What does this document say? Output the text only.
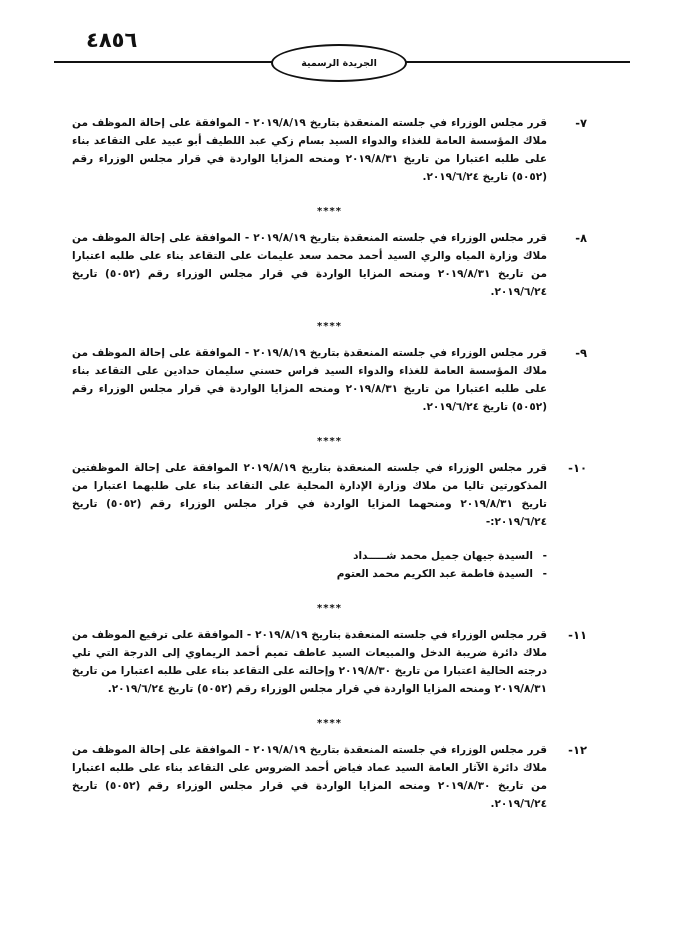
٤٨٥٦
الجريدة الرسمية

٧-
قرر مجلس الوزراء في جلسته المنعقدة بتاريخ ٢٠١٩/٨/١٩ - الموافقة على إحالة الموظف من ملاك المؤسسة العامة للغذاء والدواء السيد بسام زكي عبد اللطيف أبو عبيد على التقاعد بناء على طلبه اعتبارا من تاريخ ٢٠١٩/٨/٣١ ومنحه المزايا الواردة في قرار مجلس الوزراء رقم (٥٠٥٢) تاريخ ٢٠١٩/٦/٢٤.

****

٨-
قرر مجلس الوزراء في جلسته المنعقدة بتاريخ ٢٠١٩/٨/١٩ - الموافقة على إحالة الموظف من ملاك وزارة المياه والري السيد أحمد محمد سعد عليمات على التقاعد بناء على طلبه اعتبارا من تاريخ ٢٠١٩/٨/٣١ ومنحه المزايا الواردة في قرار مجلس الوزراء رقم (٥٠٥٢) تاريخ ٢٠١٩/٦/٢٤.

****

٩-
قرر مجلس الوزراء في جلسته المنعقدة بتاريخ ٢٠١٩/٨/١٩ - الموافقة على إحالة الموظف من ملاك المؤسسة العامة للغذاء والدواء السيد فراس حسني سليمان حدادين على التقاعد بناء على طلبه اعتبارا من تاريخ ٢٠١٩/٨/٣١ ومنحه المزايا الواردة في قرار مجلس الوزراء رقم (٥٠٥٢) تاريخ ٢٠١٩/٦/٢٤.

****

١٠-
قرر مجلس الوزراء في جلسته المنعقدة بتاريخ ٢٠١٩/٨/١٩ الموافقة على إحالة الموظفتين المذكورتين تاليا من ملاك وزارة الإدارة المحلية على التقاعد بناء على طلبهما اعتبارا من تاريخ ٢٠١٩/٨/٣١ ومنحهما المزايا الواردة في قرار مجلس الوزراء رقم (٥٠٥٢) تاريخ ٢٠١٩/٦/٢٤:-

-
السيدة جيهان جميل محمد شـــــداد
-
السيدة فاطمة عبد الكريم محمد العتوم
****

١١-
قرر مجلس الوزراء في جلسته المنعقدة بتاريخ ٢٠١٩/٨/١٩ - الموافقة على ترفيع الموظف من ملاك دائرة ضريبة الدخل والمبيعات السيد عاطف تميم أحمد الريماوي إلى الدرجة التي تلي درجته الحالية اعتبارا من تاريخ ٢٠١٩/٨/٣٠ وإحالته على التقاعد بناء على طلبه اعتبارا من تاريخ ٢٠١٩/٨/٣١ ومنحه المزايا الواردة في قرار مجلس الوزراء رقم (٥٠٥٢) تاريخ ٢٠١٩/٦/٢٤.

****

١٢-
قرر مجلس الوزراء في جلسته المنعقدة بتاريخ ٢٠١٩/٨/١٩ - الموافقة على إحالة الموظف من ملاك دائرة الآثار العامة السيد عماد فياض أحمد الضروس على التقاعد بناء على طلبه اعتبارا من تاريخ ٢٠١٩/٨/٣٠ ومنحه المزايا الواردة في قرار مجلس الوزراء رقم (٥٠٥٢) تاريخ ٢٠١٩/٦/٢٤.
